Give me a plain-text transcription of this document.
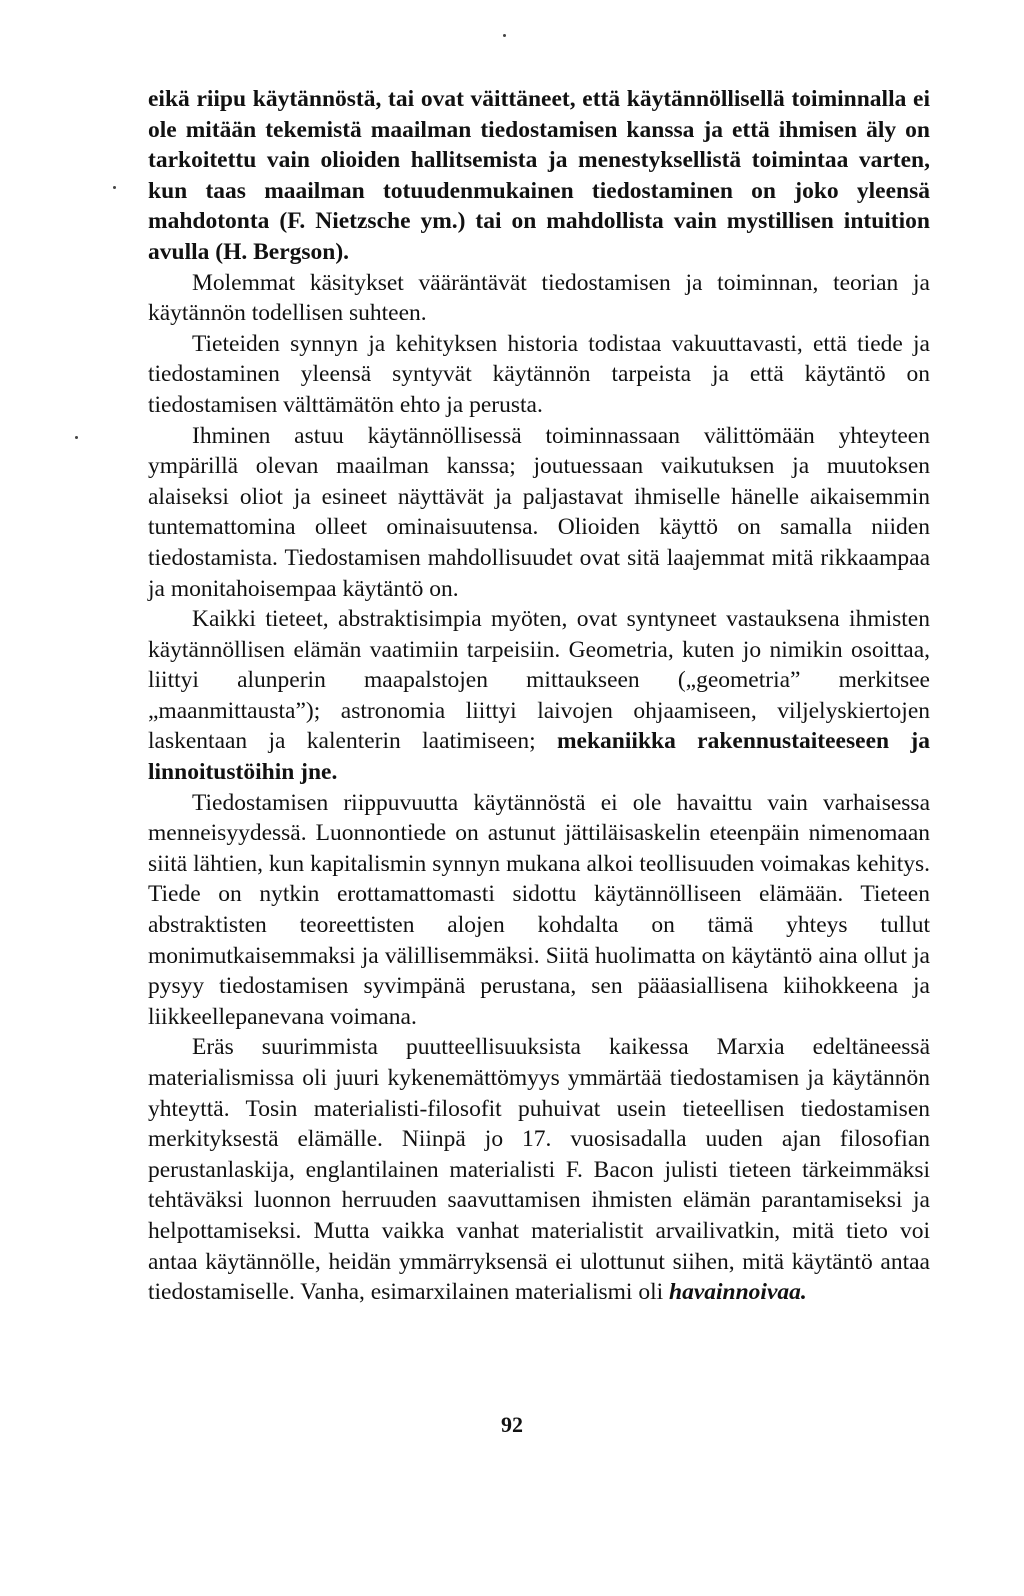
eikä riipu käytännöstä, tai ovat väittäneet, että käytännöllisellä toiminnalla ei ole mitään tekemistä maailman tiedostamisen kanssa ja että ihmisen äly on tarkoitettu vain olioiden hallitsemista ja menestyksellistä toimintaa varten, kun taas maailman totuudenmukainen tiedostaminen on joko yleensä mahdotonta (F. Nietzsche ym.) tai on mahdollista vain mystillisen intuition avulla (H. Bergson).

Molemmat käsitykset vääräntävät tiedostamisen ja toiminnan, teorian ja käytännön todellisen suhteen.

Tieteiden synnyn ja kehityksen historia todistaa vakuuttavasti, että tiede ja tiedostaminen yleensä syntyvät käytännön tarpeista ja että käytäntö on tiedostamisen välttämätön ehto ja perusta.

Ihminen astuu käytännöllisessä toiminnassaan välittömään yhteyteen ympärillä olevan maailman kanssa; joutuessaan vaikutuksen ja muutoksen alaiseksi oliot ja esineet näyttävät ja paljastavat ihmiselle hänelle aikaisemmin tuntemattomina olleet ominaisuutensa. Olioiden käyttö on samalla niiden tiedostamista. Tiedostamisen mahdollisuudet ovat sitä laajemmat mitä rikkaampaa ja monitahoisempaa käytäntö on.

Kaikki tieteet, abstraktisimpia myöten, ovat syntyneet vastauksena ihmisten käytännöllisen elämän vaatimiin tarpeisiin. Geometria, kuten jo nimikin osoittaa, liittyi alunperin maapalstojen mittaukseen („geometria” merkitsee „maanmittausta”); astronomia liittyi laivojen ohjaamiseen, viljelyskiertojen laskentaan ja kalenterin laatimiseen; mekaniikka rakennustaiteeseen ja linnoitustöihin jne.

Tiedostamisen riippuvuutta käytännöstä ei ole havaittu vain varhaisessa menneisyydessä. Luonnontiede on astunut jättiläisaskelin eteenpäin nimenomaan siitä lähtien, kun kapitalismin synnyn mukana alkoi teollisuuden voimakas kehitys. Tiede on nytkin erottamattomasti sidottu käytännölliseen elämään. Tieteen abstraktisten teoreettisten alojen kohdalta on tämä yhteys tullut monimutkaisemmaksi ja välillisemmäksi. Siitä huolimatta on käytäntö aina ollut ja pysyy tiedostamisen syvimpänä perustana, sen pääasiallisena kiihokkeena ja liikkeellepanevana voimana.

Eräs suurimmista puutteellisuuksista kaikessa Marxia edeltäneessä materialismissa oli juuri kykenemättömyys ymmärtää tiedostamisen ja käytännön yhteyttä. Tosin materialisti-filosofit puhuivat usein tieteellisen tiedostamisen merkityksestä elämälle. Niinpä jo 17. vuosisadalla uuden ajan filosofian perustanlaskija, englantilainen materialisti F. Bacon julisti tieteen tärkeimmäksi tehtäväksi luonnon herruuden saavuttamisen ihmisten elämän parantamiseksi ja helpottamiseksi. Mutta vaikka vanhat materialistit arvailivatkin, mitä tieto voi antaa käytännölle, heidän ymmärryksensä ei ulottunut siihen, mitä käytäntö antaa tiedostamiselle. Vanha, esimarxilainen materialismi oli havainnoivaa.

92
